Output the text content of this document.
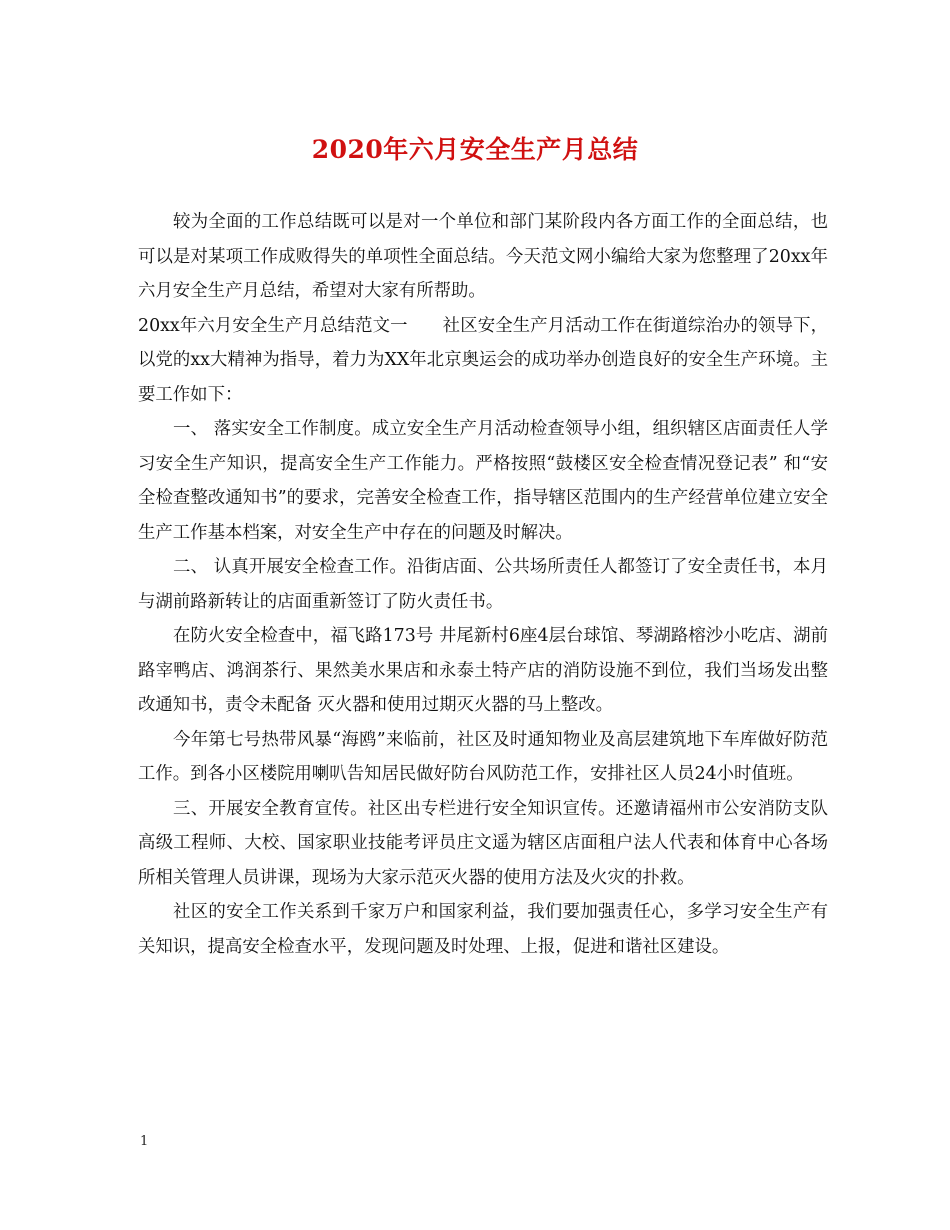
2020年六月安全生产月总结

较为全面的工作总结既可以是对一个单位和部门某阶段内各方面工作的全面总结，也可以是对某项工作成败得失的单项性全面总结。今天范文网小编给大家为您整理了20xx年六月安全生产月总结，希望对大家有所帮助。

20xx年六月安全生产月总结范文一　　社区安全生产月活动工作在街道综治办的领导下，以党的xx大精神为指导，着力为XX年北京奥运会的成功举办创造良好的安全生产环境。主要工作如下：

一、 落实安全工作制度。成立安全生产月活动检查领导小组，组织辖区店面责任人学习安全生产知识，提高安全生产工作能力。严格按照“鼓楼区安全检查情况登记表” 和“安全检查整改通知书”的要求，完善安全检查工作，指导辖区范围内的生产经营单位建立安全生产工作基本档案，对安全生产中存在的问题及时解决。

二、 认真开展安全检查工作。沿街店面、公共场所责任人都签订了安全责任书，本月与湖前路新转让的店面重新签订了防火责任书。

在防火安全检查中，福飞路173号 井尾新村6座4层台球馆、琴湖路榕沙小吃店、湖前路宰鸭店、鸿润茶行、果然美水果店和永泰土特产店的消防设施不到位，我们当场发出整改通知书，责令未配备 灭火器和使用过期灭火器的马上整改。

今年第七号热带风暴“海鸥”来临前，社区及时通知物业及高层建筑地下车库做好防范工作。到各小区楼院用喇叭告知居民做好防台风防范工作，安排社区人员24小时值班。

三、开展安全教育宣传。社区出专栏进行安全知识宣传。还邀请福州市公安消防支队高级工程师、大校、国家职业技能考评员庄文遥为辖区店面租户法人代表和体育中心各场所相关管理人员讲课，现场为大家示范灭火器的使用方法及火灾的扑救。

社区的安全工作关系到千家万户和国家利益，我们要加强责任心，多学习安全生产有关知识，提高安全检查水平，发现问题及时处理、上报，促进和谐社区建设。

1
